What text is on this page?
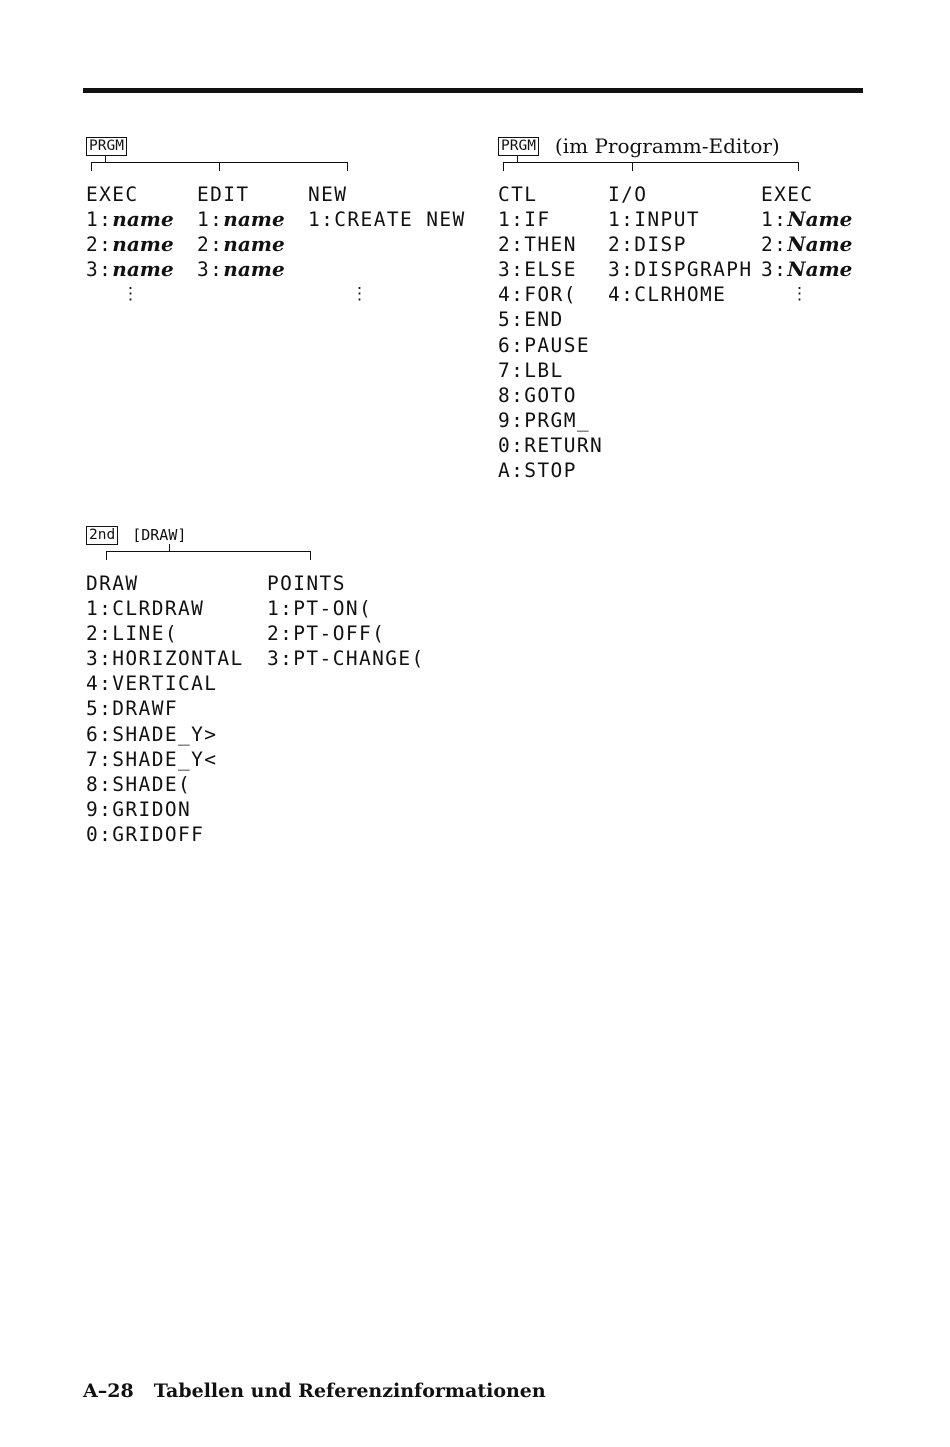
PRGM
EXEC
1:name
2:name
3:name
⋮
EDIT
1:name
2:name
3:name
⋮
NEW
1:CREATE NEW
PRGM (im Programm-Editor)
CTL
1:IF
2:THEN
3:ELSE
4:FOR(
5:END
6:PAUSE
7:LBL
8:GOTO
9:PRGM_
0:RETURN
A:STOP
I/O
1:INPUT
2:DISP
3:DISPGRAPH
4:CLRHOME
EXEC
1:Name
2:Name
3:Name
⋮
2nd
[	DRAW ]
DRAW
1:CLRDRAW
2:LINE(
3:HORIZONTAL
4:VERTICAL
5:DRAWF
6:SHADE_Y>
7:SHADE_Y<
8:SHADE(
9:GRIDON
0:GRIDOFF
POINTS
1:PT-ON(
2:PT-OFF(
3:PT-CHANGE(
A–28 Tabellen und Referenzinformationen
